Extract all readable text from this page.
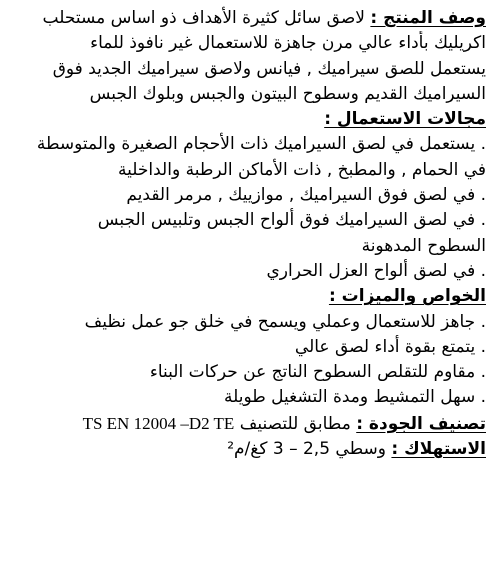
وصف المنتج : لاصق سائل كثيرة الأهداف ذو اساس مستحلب
اكريليك بأداء عالي مرن جاهزة للاستعمال غير نافوذ للماء
يستعمل للصق سيراميك , فيانس ولاصق سيراميك الجديد فوق
السيراميك القديم وسطوح البيتون والجبس وبلوك الجبس
مجالات الاستعمال :
. يستعمل في لصق السيراميك ذات الأحجام الصغيرة والمتوسطة
في الحمام , والمطبخ , ذات الأماكن الرطبة والداخلية
. في لصق فوق السيراميك , موازييك , مرمر القديم
. في لصق السيراميك فوق ألواح الجبس وتلبيس الجبس
السطوح المدهونة
. في لصق ألواح العزل الحراري
الخواص والميزات :
. جاهز للاستعمال وعملي ويسمح في خلق جو عمل نظيف
. يتمتع بقوة أداء لصق عالي
. مقاوم للتقلص السطوح الناتج عن حركات البناء
. سهل التمشيط ومدة التشغيل طويلة
تصنيف الجودة : مطابق للتصنيف TS EN 12004 –D2 TE
الاستهلاك : وسطي 2,5 – 3 كغ/م²
